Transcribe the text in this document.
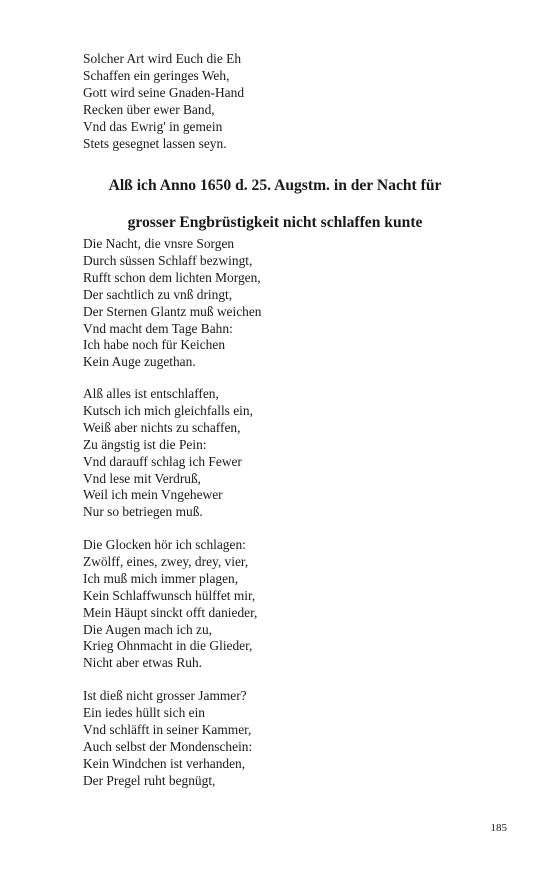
Solcher Art wird Euch die Eh
Schaffen ein geringes Weh,
Gott wird seine Gnaden-Hand
Recken über ewer Band,
Vnd das Ewrig' in gemein
Stets gesegnet lassen seyn.
Alß ich Anno 1650 d. 25. Augstm. in der Nacht für
grosser Engbrüstigkeit nicht schlaffen kunte
Die Nacht, die vnsre Sorgen
Durch süssen Schlaff bezwingt,
Rufft schon dem lichten Morgen,
Der sachtlich zu vnß dringt,
Der Sternen Glantz muß weichen
Vnd macht dem Tage Bahn:
Ich habe noch für Keichen
Kein Auge zugethan.
Alß alles ist entschlaffen,
Kutsch ich mich gleichfalls ein,
Weiß aber nichts zu schaffen,
Zu ängstig ist die Pein:
Vnd darauff schlag ich Fewer
Vnd lese mit Verdruß,
Weil ich mein Vngehewer
Nur so betriegen muß.
Die Glocken hör ich schlagen:
Zwölff, eines, zwey, drey, vier,
Ich muß mich immer plagen,
Kein Schlaffwunsch hülffet mir,
Mein Häupt sinckt offt danieder,
Die Augen mach ich zu,
Krieg Ohnmacht in die Glieder,
Nicht aber etwas Ruh.
Ist dieß nicht grosser Jammer?
Ein iedes hüllt sich ein
Vnd schläfft in seiner Kammer,
Auch selbst der Mondenschein:
Kein Windchen ist verhanden,
Der Pregel ruht begnügt,
185
